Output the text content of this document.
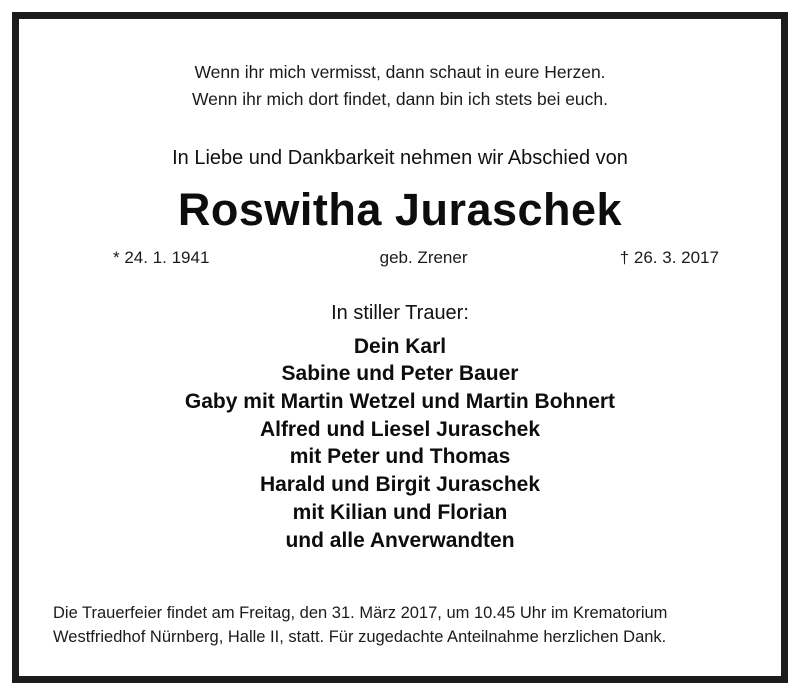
Wenn ihr mich vermisst, dann schaut in eure Herzen.
Wenn ihr mich dort findet, dann bin ich stets bei euch.
In Liebe und Dankbarkeit nehmen wir Abschied von
Roswitha Juraschek
* 24. 1. 1941	geb. Zrener	† 26. 3. 2017
In stiller Trauer:
Dein Karl
Sabine und Peter Bauer
Gaby mit Martin Wetzel und Martin Bohnert
Alfred und Liesel Juraschek
mit Peter und Thomas
Harald und Birgit Juraschek
mit Kilian und Florian
und alle Anverwandten
Die Trauerfeier findet am Freitag, den 31. März 2017, um 10.45 Uhr im Krematorium Westfriedhof Nürnberg, Halle II, statt. Für zugedachte Anteilnahme herzlichen Dank.
